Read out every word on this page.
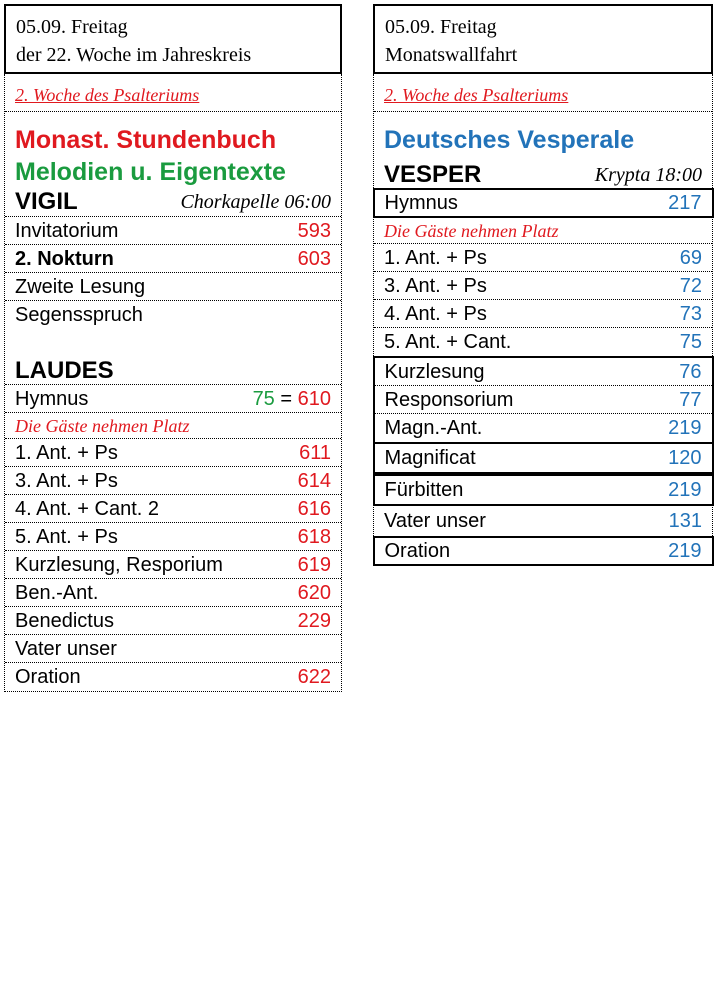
05.09. Freitag
der 22. Woche im Jahreskreis
2. Woche des Psalteriums
Monast. Stundenbuch
Melodien u. Eigentexte
VIGIL	Chorkapelle 06:00
Invitatorium	593
2. Nokturn	603
Zweite Lesung
Segensspruch
LAUDES
Hymnus	75 = 610
Die Gäste nehmen Platz
1. Ant. + Ps	611
3. Ant. + Ps	614
4. Ant. + Cant. 2	616
5. Ant. + Ps	618
Kurzlesung, Resporium	619
Ben.-Ant.	620
Benedictus	229
Vater unser
Oration	622
05.09. Freitag
Monatswallfahrt
2. Woche des Psalteriums
Deutsches Vesperale
VESPER	Krypta 18:00
Hymnus	217
Die Gäste nehmen Platz
1. Ant. + Ps	69
3. Ant. + Ps	72
4. Ant. + Ps	73
5. Ant. + Cant.	75
Kurzlesung	76
Responsorium	77
Magn.-Ant.	219
Magnificat	120
Fürbitten	219
Vater unser	131
Oration	219
